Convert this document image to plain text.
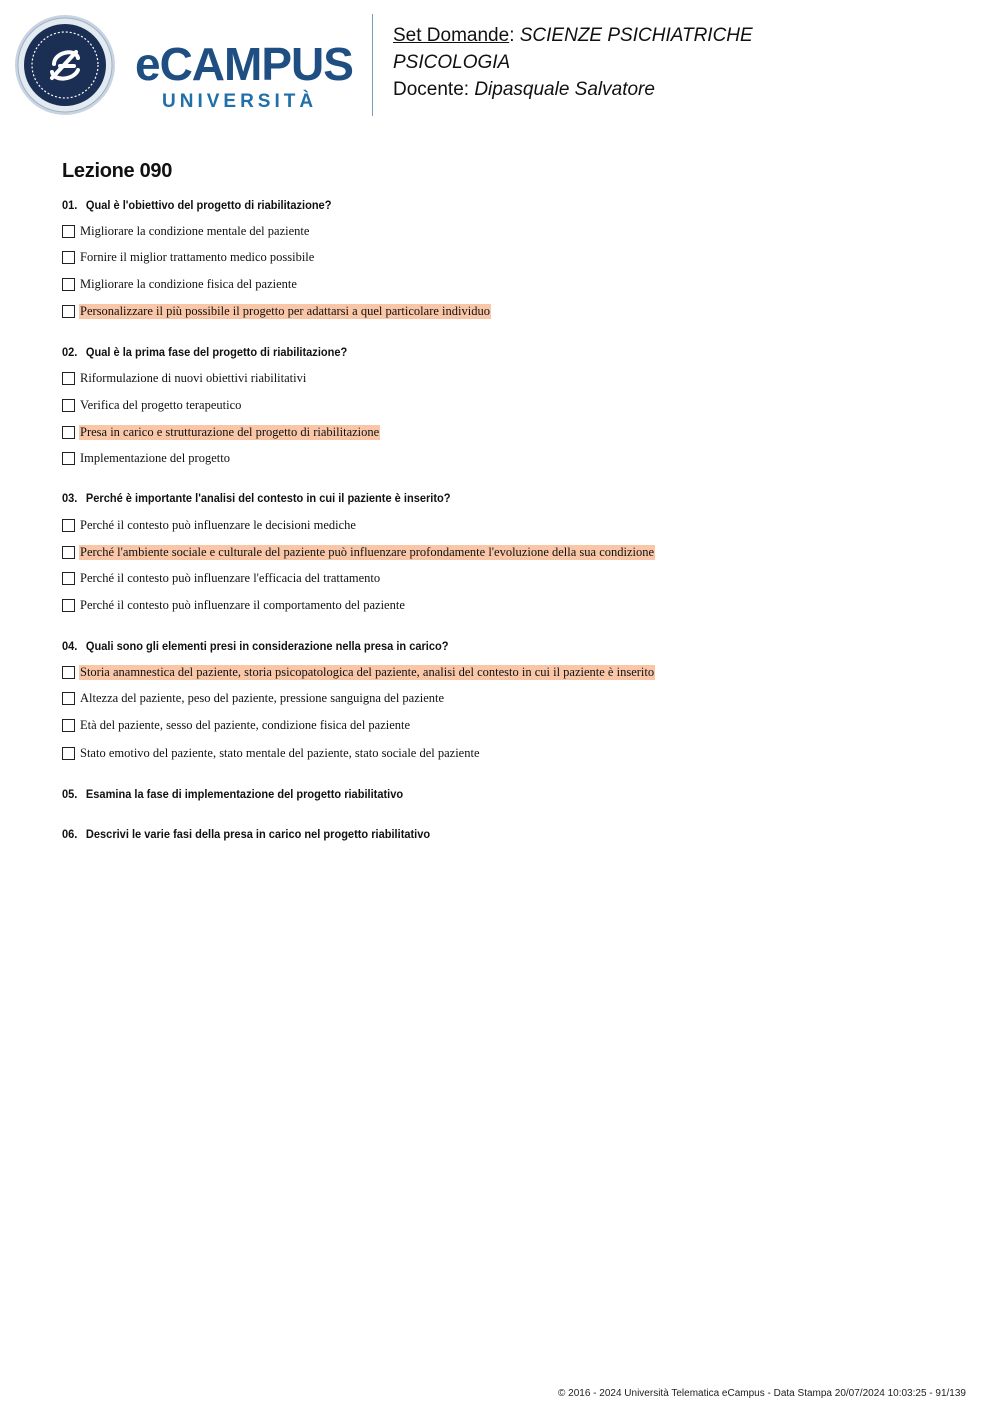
eCAMPUS
UNIVERSITÀ
Set Domande: SCIENZE PSICHIATRICHE
PSICOLOGIA
Docente: Dipasquale Salvatore
Lezione 090
01. Qual è l'obiettivo del progetto di riabilitazione?
Migliorare la condizione mentale del paziente
Fornire il miglior trattamento medico possibile
Migliorare la condizione fisica del paziente
Personalizzare il più possibile il progetto per adattarsi a quel particolare individuo
02. Qual è la prima fase del progetto di riabilitazione?
Riformulazione di nuovi obiettivi riabilitativi
Verifica del progetto terapeutico
Presa in carico e strutturazione del progetto di riabilitazione
Implementazione del progetto
03. Perché è importante l'analisi del contesto in cui il paziente è inserito?
Perché il contesto può influenzare le decisioni mediche
Perché l'ambiente sociale e culturale del paziente può influenzare profondamente l'evoluzione della sua condizione
Perché il contesto può influenzare l'efficacia del trattamento
Perché il contesto può influenzare il comportamento del paziente
04. Quali sono gli elementi presi in considerazione nella presa in carico?
Storia anamnestica del paziente, storia psicopatologica del paziente, analisi del contesto in cui il paziente è inserito
Altezza del paziente, peso del paziente, pressione sanguigna del paziente
Età del paziente, sesso del paziente, condizione fisica del paziente
Stato emotivo del paziente, stato mentale del paziente, stato sociale del paziente
05. Esamina la fase di implementazione del progetto riabilitativo
06. Descrivi le varie fasi della presa in carico nel progetto riabilitativo
© 2016 - 2024 Università Telematica eCampus - Data Stampa 20/07/2024 10:03:25 - 91/139
